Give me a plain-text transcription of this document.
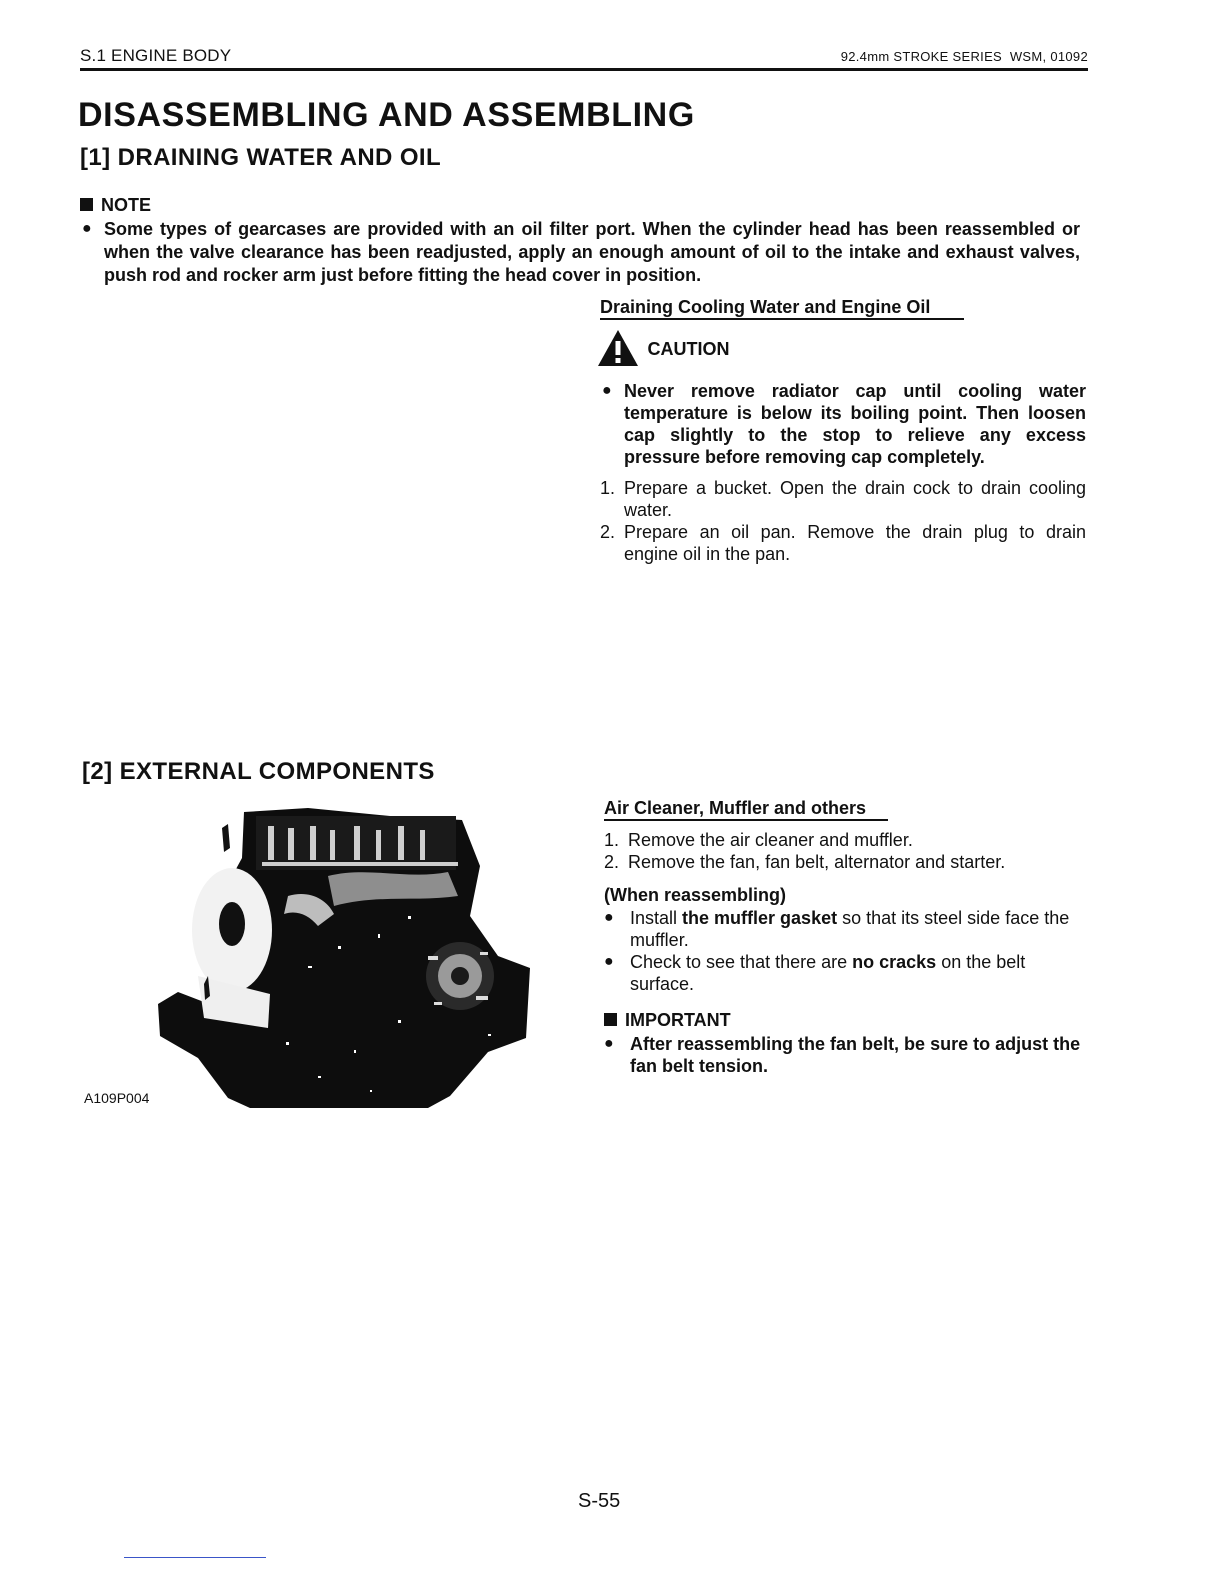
S.1 ENGINE BODY	92.4mm STROKE SERIES WSM, 01092
DISASSEMBLING AND ASSEMBLING
[1] DRAINING WATER AND OIL
NOTE
● Some types of gearcases are provided with an oil filter port. When the cylinder head has been reassembled or when the valve clearance has been readjusted, apply an enough amount of oil to the intake and exhaust valves, push rod and rocker arm just before fitting the head cover in position.
Draining Cooling Water and Engine Oil
CAUTION
● Never remove radiator cap until cooling water temperature is below its boiling point. Then loosen cap slightly to the stop to relieve any excess pressure before removing cap completely.
1. Prepare a bucket. Open the drain cock to drain cooling water.
2. Prepare an oil pan. Remove the drain plug to drain engine oil in the pan.
[2] EXTERNAL COMPONENTS
A109P004
Air Cleaner, Muffler and others
1. Remove the air cleaner and muffler.
2. Remove the fan, fan belt, alternator and starter.
(When reassembling)
● Install the muffler gasket so that its steel side face the muffler.
● Check to see that there are no cracks on the belt surface.
IMPORTANT
● After reassembling the fan belt, be sure to adjust the fan belt tension.
S-55
